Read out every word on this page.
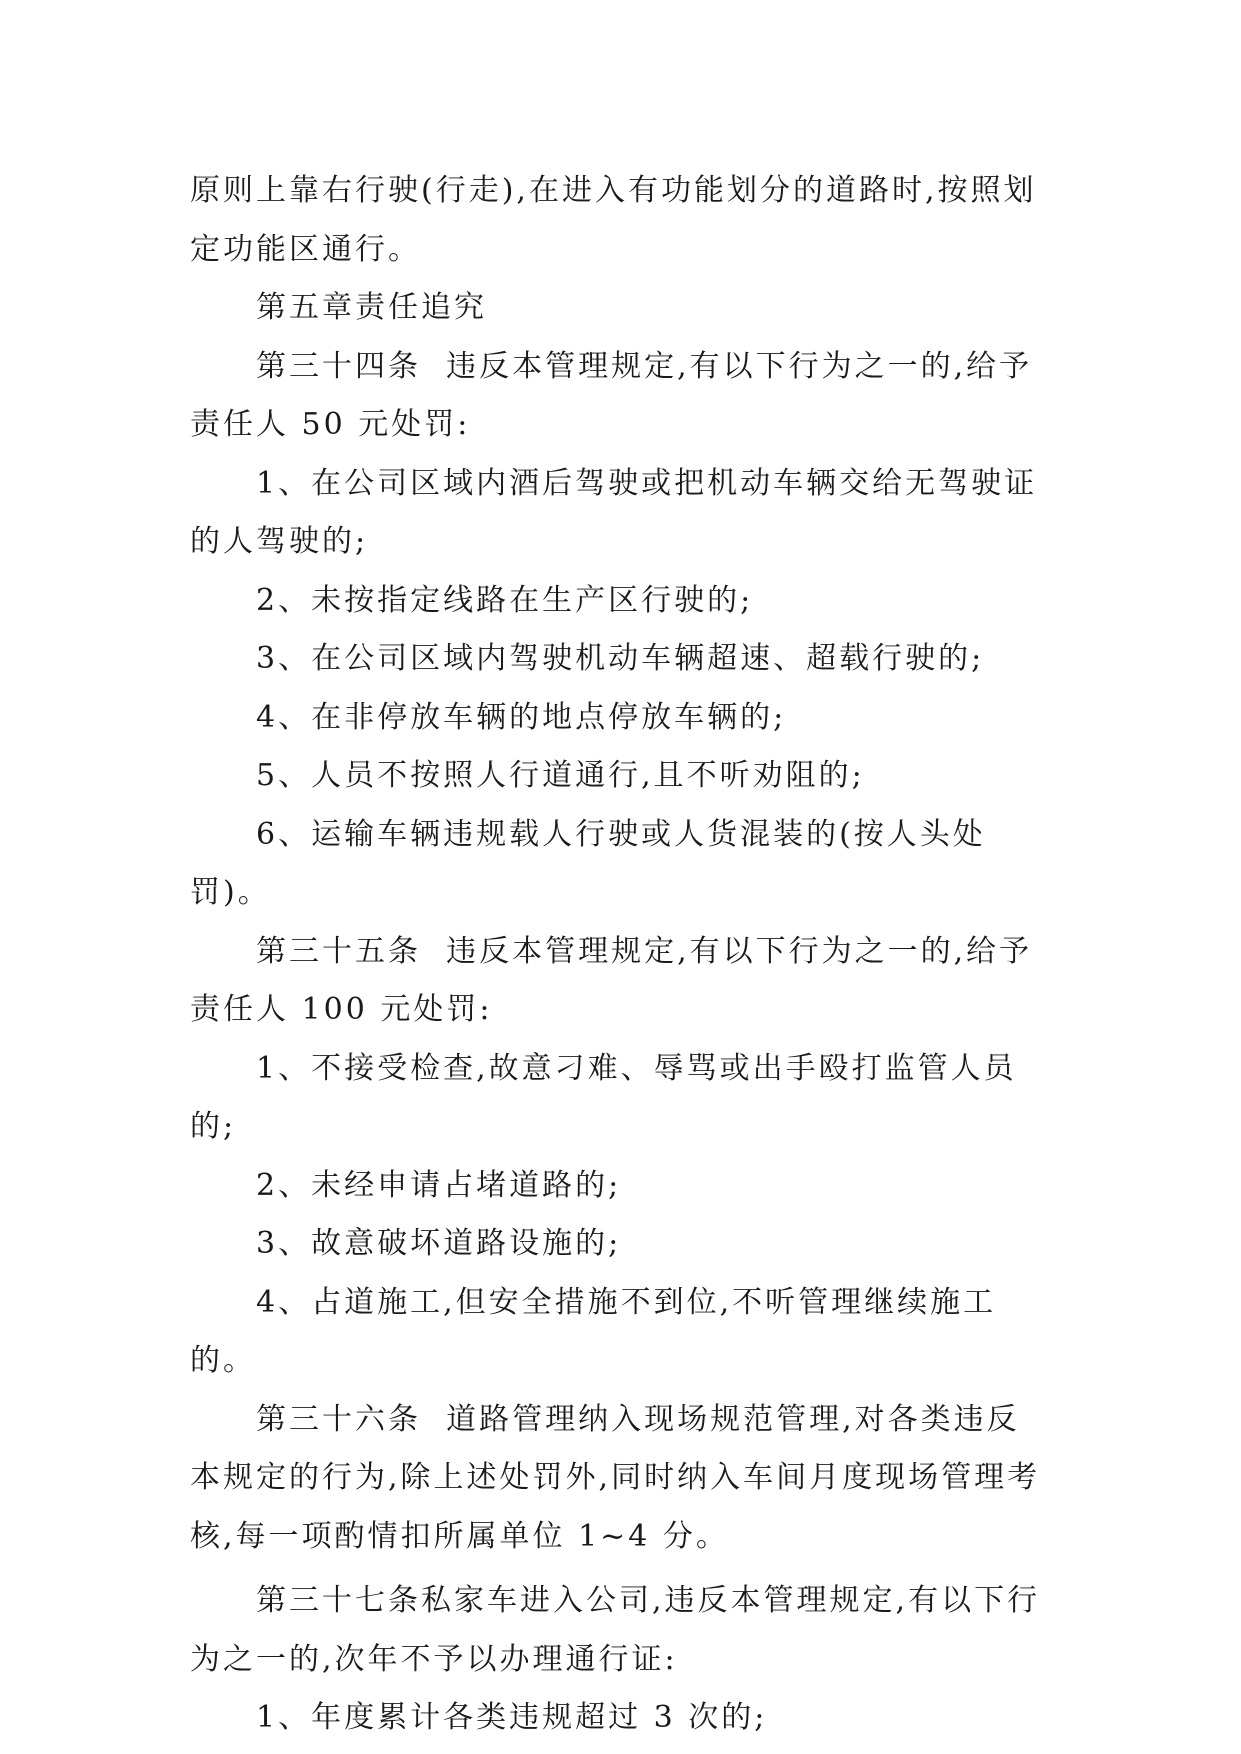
原则上靠右行驶(行走),在进入有功能划分的道路时,按照划定功能区通行。

第五章责任追究

第三十四条  违反本管理规定,有以下行为之一的,给予责任人 50 元处罚:

1、在公司区域内酒后驾驶或把机动车辆交给无驾驶证的人驾驶的;

2、未按指定线路在生产区行驶的;

3、在公司区域内驾驶机动车辆超速、超载行驶的;

4、在非停放车辆的地点停放车辆的;

5、人员不按照人行道通行,且不听劝阻的;

6、运输车辆违规载人行驶或人货混装的(按人头处罚)。

第三十五条  违反本管理规定,有以下行为之一的,给予责任人 100 元处罚:

1、不接受检查,故意刁难、辱骂或出手殴打监管人员的;

2、未经申请占堵道路的;

3、故意破坏道路设施的;

4、占道施工,但安全措施不到位,不听管理继续施工的。

第三十六条  道路管理纳入现场规范管理,对各类违反本规定的行为,除上述处罚外,同时纳入车间月度现场管理考核,每一项酌情扣所属单位 1~4 分。

第三十七条私家车进入公司,违反本管理规定,有以下行为之一的,次年不予以办理通行证:

1、年度累计各类违规超过 3 次的;
